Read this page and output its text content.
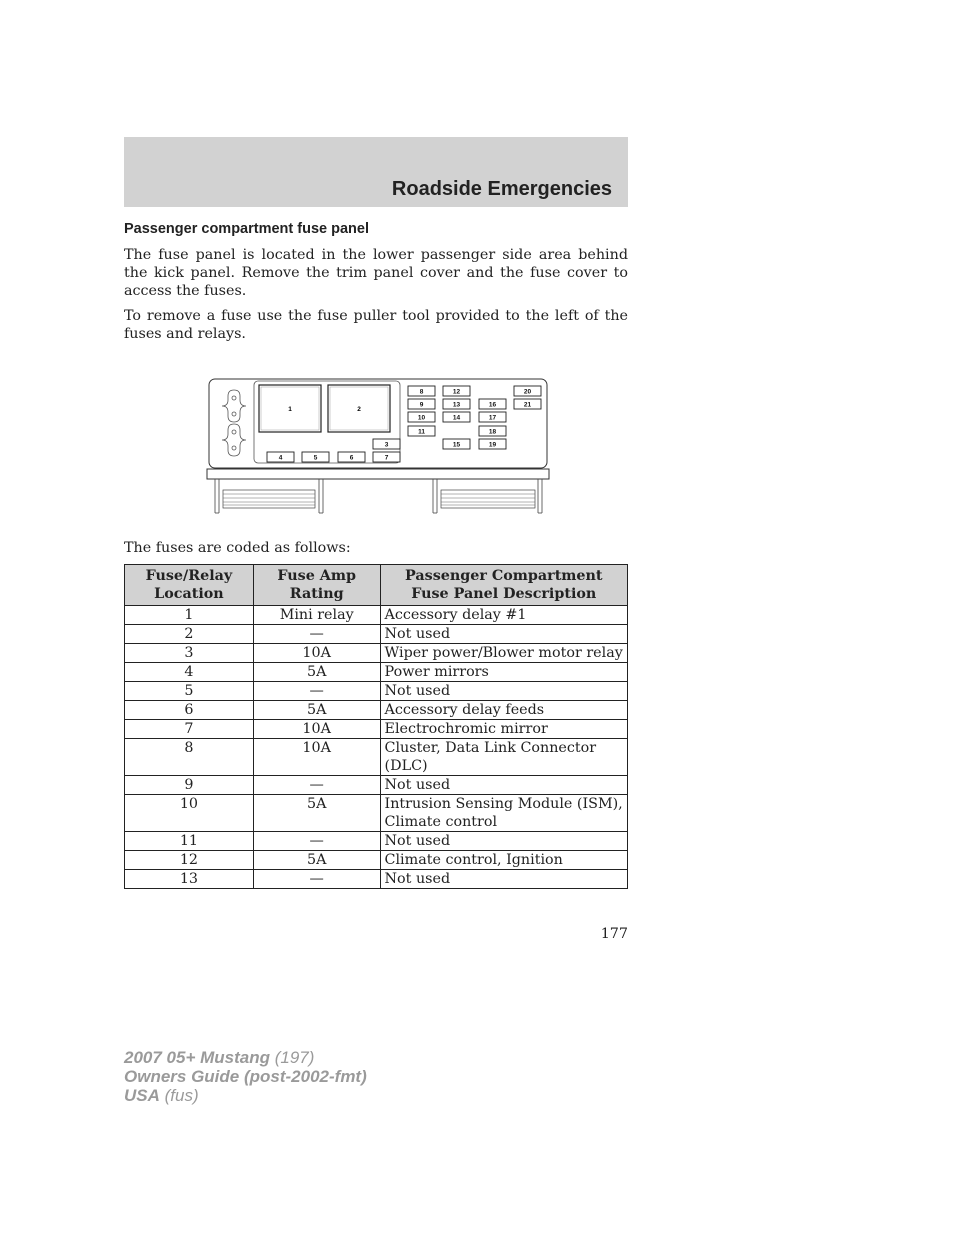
Roadside Emergencies
Passenger compartment fuse panel

The fuse panel is located in the lower passenger side area behind the kick panel. Remove the trim panel cover and the fuse cover to access the fuses.

To remove a fuse use the fuse puller tool provided to the left of the fuses and relays.

1	2
3
4	5	6	7
8
9
10
11
12
13
14
15
16
17
18
19
20
21

The fuses are coded as follows:

Fuse/Relay Location	Fuse Amp Rating	Passenger Compartment Fuse Panel Description
1	Mini relay	Accessory delay #1
2	—	Not used
3	10A	Wiper power/Blower motor relay
4	5A	Power mirrors
5	—	Not used
6	5A	Accessory delay feeds
7	10A	Electrochromic mirror
8	10A	Cluster, Data Link Connector (DLC)
9	—	Not used
10	5A	Intrusion Sensing Module (ISM), Climate control
11	—	Not used
12	5A	Climate control, Ignition
13	—	Not used

177

2007 05+ Mustang (197)
Owners Guide (post-2002-fmt)
USA (fus)
